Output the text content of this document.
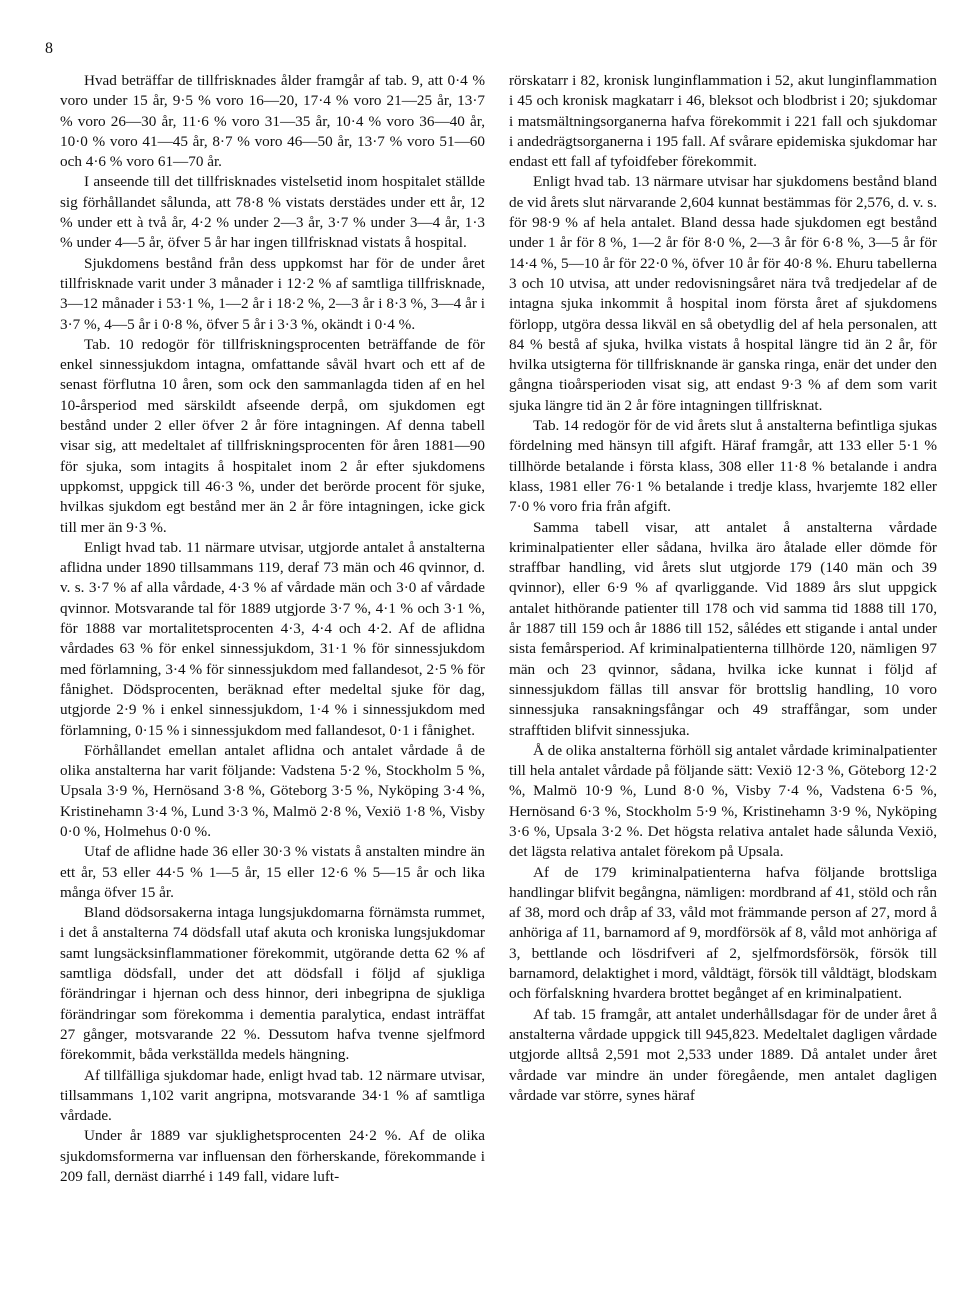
8

Hvad beträffar de tillfrisknades ålder framgår af tab. 9, att 0·4 % voro under 15 år, 9·5 % voro 16—20, 17·4 % voro 21—25 år, 13·7 % voro 26—30 år, 11·6 % voro 31—35 år, 10·4 % voro 36—40 år, 10·0 % voro 41—45 år, 8·7 % voro 46—50 år, 13·7 % voro 51—60 och 4·6 % voro 61—70 år.

I anseende till det tillfrisknades vistelsetid inom hospitalet ställde sig förhållandet sålunda, att 78·8 % vistats derstädes under ett år, 12 % under ett à två år, 4·2 % under 2—3 år, 3·7 % under 3—4 år, 1·3 % under 4—5 år, öfver 5 år har ingen tillfrisknad vistats å hospital.

Sjukdomens bestånd från dess uppkomst har för de under året tillfrisknade varit under 3 månader i 12·2 % af samtliga tillfrisknade, 3—12 månader i 53·1 %, 1—2 år i 18·2 %, 2—3 år i 8·3 %, 3—4 år i 3·7 %, 4—5 år i 0·8 %, öfver 5 år i 3·3 %, okändt i 0·4 %.

Tab. 10 redogör för tillfriskningsprocenten beträffande de för enkel sinnessjukdom intagna, omfattande såväl hvart och ett af de senast förflutna 10 åren, som ock den sammanlagda tiden af en hel 10-årsperiod med särskildt afseende derpå, om sjukdomen egt bestånd under 2 eller öfver 2 år före intagningen. Af denna tabell visar sig, att medeltalet af tillfriskningsprocenten för åren 1881—90 för sjuka, som intagits å hospitalet inom 2 år efter sjukdomens uppkomst, uppgick till 46·3 %, under det berörde procent för sjuke, hvilkas sjukdom egt bestånd mer än 2 år före intagningen, icke gick till mer än 9·3 %.

Enligt hvad tab. 11 närmare utvisar, utgjorde antalet å anstalterna aflidna under 1890 tillsammans 119, deraf 73 män och 46 qvinnor, d. v. s. 3·7 % af alla vårdade, 4·3 % af vårdade män och 3·0 af vårdade qvinnor. Motsvarande tal för 1889 utgjorde 3·7 %, 4·1 % och 3·1 %, för 1888 var mortalitetsprocenten 4·3, 4·4 och 4·2. Af de aflidna vårdades 63 % för enkel sinnessjukdom, 31·1 % för sinnessjukdom med förlamning, 3·4 % för sinnessjukdom med fallandesot, 2·5 % för fånighet. Dödsprocenten, beräknad efter medeltal sjuke för dag, utgjorde 2·9 % i enkel sinnessjukdom, 1·4 % i sinnessjukdom med förlamning, 0·15 % i sinnessjukdom med fallandesot, 0·1 i fånighet.

Förhållandet emellan antalet aflidna och antalet vårdade å de olika anstalterna har varit följande: Vadstena 5·2 %, Stockholm 5 %, Upsala 3·9 %, Hernösand 3·8 %, Göteborg 3·5 %, Nyköping 3·4 %, Kristinehamn 3·4 %, Lund 3·3 %, Malmö 2·8 %, Vexiö 1·8 %, Visby 0·0 %, Holmehus 0·0 %.

Utaf de aflidne hade 36 eller 30·3 % vistats å anstalten mindre än ett år, 53 eller 44·5 % 1—5 år, 15 eller 12·6 % 5—15 år och lika många öfver 15 år.

Bland dödsorsakerna intaga lungsjukdomarna förnämsta rummet, i det å anstalterna 74 dödsfall utaf akuta och kroniska lungsjukdomar samt lungsäcksinflammationer förekommit, utgörande detta 62 % af samtliga dödsfall, under det att dödsfall i följd af sjukliga förändringar i hjernan och dess hinnor, deri inbegripna de sjukliga förändringar som förekomma i dementia paralytica, endast inträffat 27 gånger, motsvarande 22 %. Dessutom hafva tvenne sjelfmord förekommit, båda verkställda medels hängning.

Af tillfälliga sjukdomar hade, enligt hvad tab. 12 närmare utvisar, tillsammans 1,102 varit angripna, motsvarande 34·1 % af samtliga vårdade.

Under år 1889 var sjuklighetsprocenten 24·2 %. Af de olika sjukdomsformerna var influensan den förherskande, förekommande i 209 fall, dernäst diarrhé i 149 fall, vidare luft-

rörskatarr i 82, kronisk lunginflammation i 52, akut lunginflammation i 45 och kronisk magkatarr i 46, bleksot och blodbrist i 20; sjukdomar i matsmältningsorganerna hafva förekommit i 221 fall och sjukdomar i andedrägtsorganerna i 195 fall. Af svårare epidemiska sjukdomar har endast ett fall af tyfoidfeber förekommit.

Enligt hvad tab. 13 närmare utvisar har sjukdomens bestånd bland de vid årets slut närvarande 2,604 kunnat bestämmas för 2,576, d. v. s. för 98·9 % af hela antalet. Bland dessa hade sjukdomen egt bestånd under 1 år för 8 %, 1—2 år för 8·0 %, 2—3 år för 6·8 %, 3—5 år för 14·4 %, 5—10 år för 22·0 %, öfver 10 år för 40·8 %. Ehuru tabellerna 3 och 10 utvisa, att under redovisningsåret nära två tredjedelar af de intagna sjuka inkommit å hospital inom första året af sjukdomens förlopp, utgöra dessa likväl en så obetydlig del af hela personalen, att 84 % bestå af sjuka, hvilka vistats å hospital längre tid än 2 år, för hvilka utsigterna för tillfrisknande är ganska ringa, enär det under den gångna tioårsperioden visat sig, att endast 9·3 % af dem som varit sjuka längre tid än 2 år före intagningen tillfrisknat.

Tab. 14 redogör för de vid årets slut å anstalterna befintliga sjukas fördelning med hänsyn till afgift. Häraf framgår, att 133 eller 5·1 % tillhörde betalande i första klass, 308 eller 11·8 % betalande i andra klass, 1981 eller 76·1 % betalande i tredje klass, hvarjemte 182 eller 7·0 % voro fria från afgift.

Samma tabell visar, att antalet å anstalterna vårdade kriminalpatienter eller sådana, hvilka äro åtalade eller dömde för straffbar handling, vid årets slut utgjorde 179 (140 män och 39 qvinnor), eller 6·9 % af qvarliggande. Vid 1889 års slut uppgick antalet hithörande patienter till 178 och vid samma tid 1888 till 170, år 1887 till 159 och år 1886 till 152, sålédes ett stigande i antal under sista femårsperiod. Af kriminalpatienterna tillhörde 120, nämligen 97 män och 23 qvinnor, sådana, hvilka icke kunnat i följd af sinnessjukdom fällas till ansvar för brottslig handling, 10 voro sinnessjuka ransakningsfångar och 49 straffångar, som under strafftiden blifvit sinnessjuka.

Å de olika anstalterna förhöll sig antalet vårdade kriminalpatienter till hela antalet vårdade på följande sätt: Vexiö 12·3 %, Göteborg 12·2 %, Malmö 10·9 %, Lund 8·0 %, Visby 7·4 %, Vadstena 6·5 %, Hernösand 6·3 %, Stockholm 5·9 %, Kristinehamn 3·9 %, Nyköping 3·6 %, Upsala 3·2 %. Det högsta relativa antalet hade sålunda Vexiö, det lägsta relativa antalet förekom på Upsala.

Af de 179 kriminalpatienterna hafva följande brottsliga handlingar blifvit begångna, nämligen: mordbrand af 41, stöld och rån af 38, mord och dråp af 33, våld mot främmande person af 27, mord å anhöriga af 11, barnamord af 9, mordförsök af 8, våld mot anhöriga af 3, bettlande och lösdrifveri af 2, sjelfmordsförsök, försök till barnamord, delaktighet i mord, våldtägt, försök till våldtägt, blodskam och förfalskning hvardera brottet begånget af en kriminalpatient.

Af tab. 15 framgår, att antalet underhållsdagar för de under året å anstalterna vårdade uppgick till 945,823. Medeltalet dagligen vårdade utgjorde alltså 2,591 mot 2,533 under 1889. Då antalet under året vårdade var mindre än under föregående, men antalet dagligen vårdade var större, synes häraf
